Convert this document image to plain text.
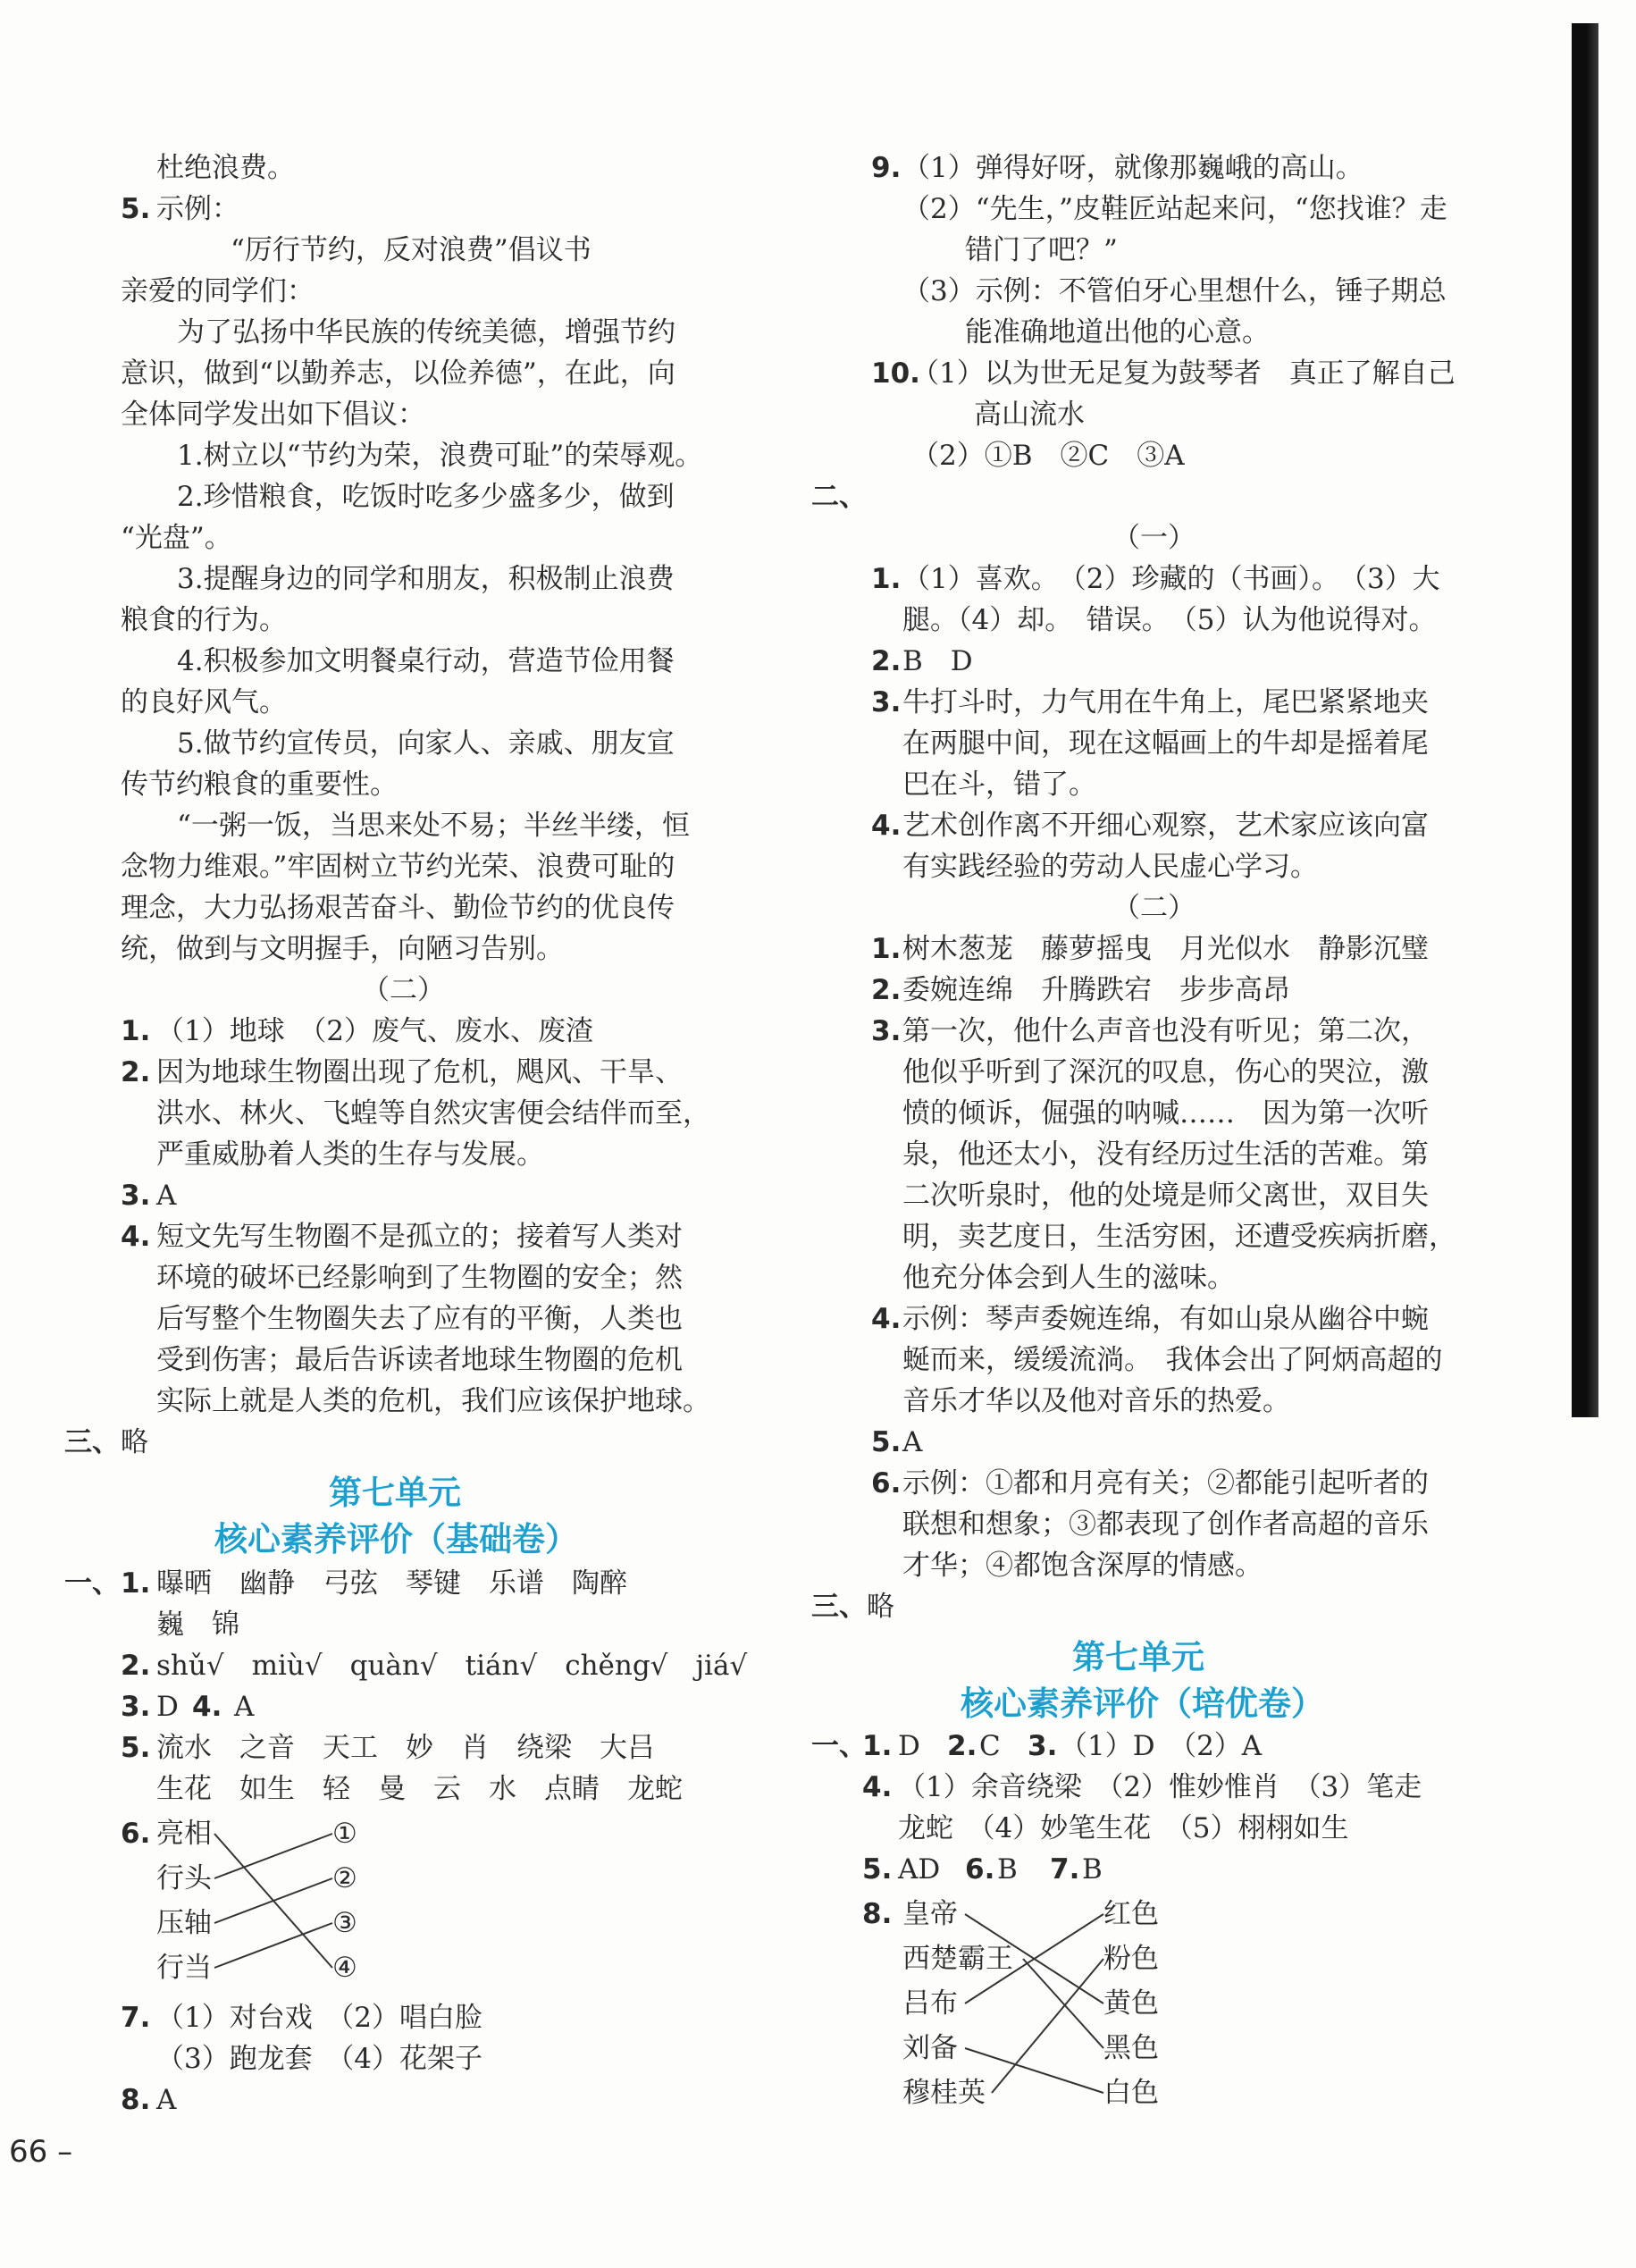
杜绝浪费。
5. 示例：
“厉行节约，反对浪费”倡议书
亲爱的同学们：
为了弘扬中华民族的传统美德，增强节约
意识，做到“以勤养志，以俭养德”，在此，向
全体同学发出如下倡议：
1.树立以“节约为荣，浪费可耻”的荣辱观。
2.珍惜粮食，吃饭时吃多少盛多少，做到
“光盘”。
3.提醒身边的同学和朋友，积极制止浪费
粮食的行为。
4.积极参加文明餐桌行动，营造节俭用餐
的良好风气。
5.做节约宣传员，向家人、亲戚、朋友宣
传节约粮食的重要性。
“一粥一饭，当思来处不易；半丝半缕，恒
念物力维艰。”牢固树立节约光荣、浪费可耻的
理念，大力弘扬艰苦奋斗、勤俭节约的优良传
统，做到与文明握手，向陋习告别。
（二）
1. （1）地球　（2）废气、废水、废渣
2. 因为地球生物圈出现了危机，飓风、干旱、
洪水、林火、飞蝗等自然灾害便会结伴而至，
严重威胁着人类的生存与发展。
3. A
4. 短文先写生物圈不是孤立的；接着写人类对
环境的破坏已经影响到了生物圈的安全；然
后写整个生物圈失去了应有的平衡，人类也
受到伤害；最后告诉读者地球生物圈的危机
实际上就是人类的危机，我们应该保护地球。
三、 略
第七单元
核心素养评价（基础卷）
一、 1. 曝晒　幽静　弓弦　琴键　乐谱　陶醉
巍　锦
2. shǔ√　miù√　quàn√　tián√　chěng√　jiá√
3. D 4. A
5. 流水　之音　天工　妙　肖　绕梁　大吕
生花　如生　轻　曼　云　水　点睛　龙蛇
6. 亮相
行头
压轴
行当
①
②
③
④
7. （1）对台戏　（2）唱白脸
（3）跑龙套　（4）花架子
8. A
9. （1）弹得好呀，就像那巍峨的高山。
（2）“先生，”皮鞋匠站起来问，“您找谁？走
错门了吧？”
（3）示例：不管伯牙心里想什么，锤子期总
能准确地道出他的心意。
10.
（1）以为世无足复为鼓琴者　真正了解自己
高山流水
（2）①B　②C　③A
二、
（一）
1. （1）喜欢。　（2）珍藏的（书画）。　（3）大
腿。（4）却。　错误。　（5）认为他说得对。
2. B　D
3. 牛打斗时，力气用在牛角上，尾巴紧紧地夹
在两腿中间，现在这幅画上的牛却是摇着尾
巴在斗，错了。
4. 艺术创作离不开细心观察，艺术家应该向富
有实践经验的劳动人民虚心学习。
（二）
1. 树木葱茏　藤萝摇曳　月光似水　静影沉璧
2. 委婉连绵　升腾跌宕　步步高昂
3. 第一次，他什么声音也没有听见；第二次，
他似乎听到了深沉的叹息，伤心的哭泣，激
愤的倾诉，倔强的呐喊……　因为第一次听
泉，他还太小，没有经历过生活的苦难。第
二次听泉时，他的处境是师父离世，双目失
明，卖艺度日，生活穷困，还遭受疾病折磨，
他充分体会到人生的滋味。
4. 示例：琴声委婉连绵，有如山泉从幽谷中蜿
蜒而来，缓缓流淌。　我体会出了阿炳高超的
音乐才华以及他对音乐的热爱。
5. A
6. 示例：①都和月亮有关；②都能引起听者的
联想和想象；③都表现了创作者高超的音乐
才华；④都饱含深厚的情感。
三、 略
第七单元
核心素养评价（培优卷）
一、
1. D 2. C 3. （1）D　（2）A
4. （1）余音绕梁　（2）惟妙惟肖　（3）笔走
龙蛇　（4）妙笔生花　（5）栩栩如生
5. AD 6. B 7. B
8. 皇帝
西楚霸王
吕布
刘备
穆桂英
红色
粉色
黄色
黑色
白色
66 –
